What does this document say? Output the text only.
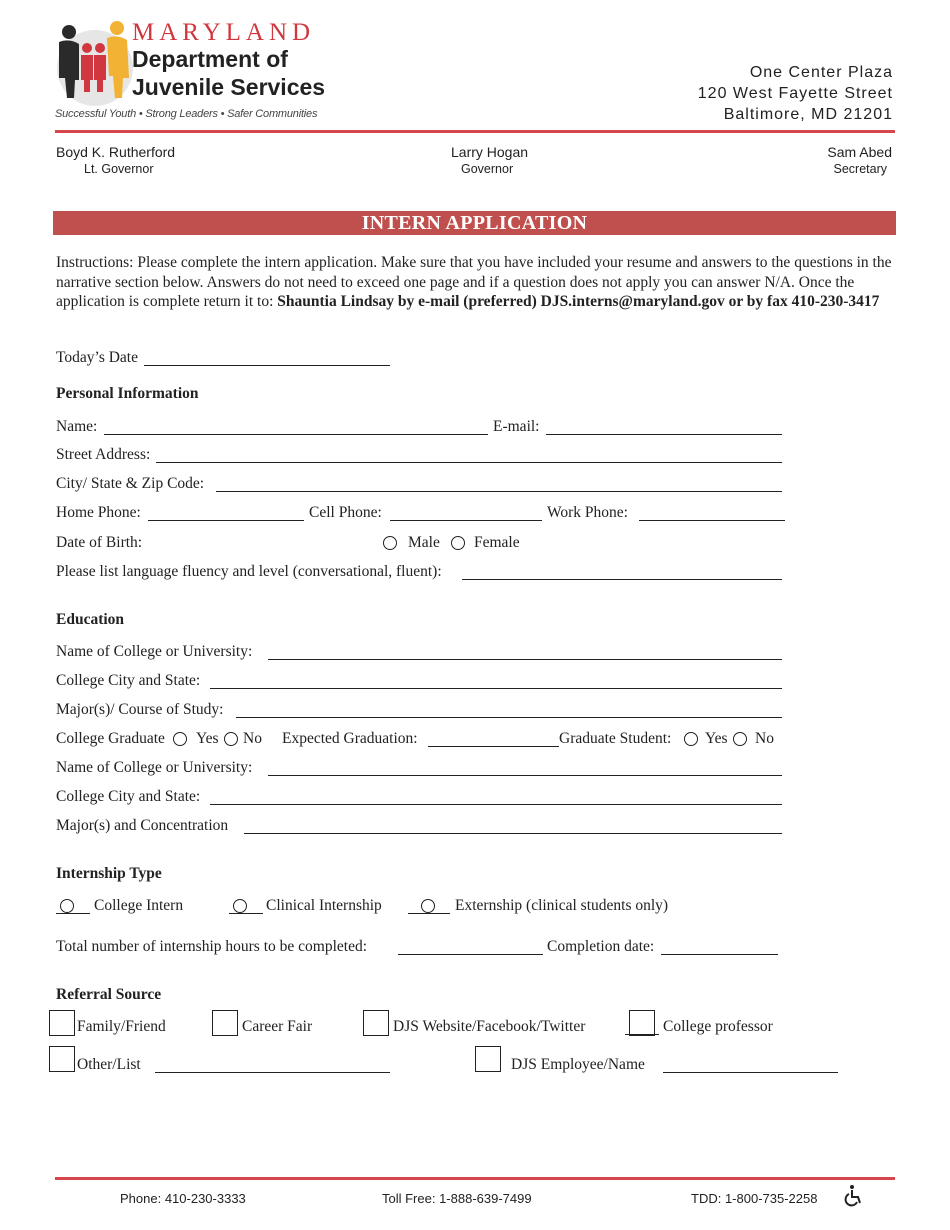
MARYLAND
Department of
Juvenile Services
Successful Youth • Strong Leaders • Safer Communities
One Center Plaza
120 West Fayette Street
Baltimore, MD 21201
Boyd K. Rutherford
Lt. Governor
Larry Hogan
Governor
Sam Abed
Secretary
INTERN APPLICATION
Instructions: Please complete the intern application. Make sure that you have included your resume and answers to the questions in the narrative section below. Answers do not need to exceed one page and if a question does not apply you can answer N/A. Once the application is complete return it to: Shauntia Lindsay by e-mail (preferred) DJS.interns@maryland.gov or by fax 410-230-3417
Today’s Date
Personal Information
Name:	E-mail:
Street Address:
City/ State & Zip Code:
Home Phone:	Cell Phone:	Work Phone:
Date of Birth:	Male Female
Please list language fluency and level (conversational, fluent):
Education
Name of College or University:
College City and State:
Major(s)/ Course of Study:
College Graduate Yes No Expected Graduation:	Graduate Student: Yes No
Name of College or University:
College City and State:
Major(s) and Concentration
Internship Type
College Intern	Clinical Internship	Externship (clinical students only)
Total number of internship hours to be completed:	Completion date:
Referral Source
Family/Friend	Career Fair	DJS Website/Facebook/Twitter	College professor
Other/List	DJS Employee/Name
Phone: 410-230-3333	Toll Free: 1-888-639-7499	TDD: 1-800-735-2258
